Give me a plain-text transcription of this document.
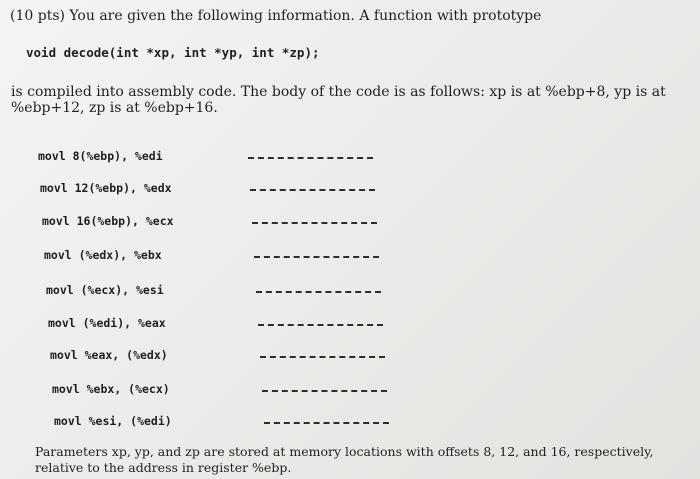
(10 pts) You are given the following information. A function with prototype
void decode(int *xp, int *yp, int *zp);
is compiled into assembly code. The body of the code is as follows: xp is at %ebp+8, yp is at %ebp+12, zp is at %ebp+16.
movl 8(%ebp), %edi
movl 12(%ebp), %edx
movl 16(%ebp), %ecx
movl (%edx), %ebx
movl (%ecx), %esi
movl (%edi), %eax
movl %eax, (%edx)
movl %ebx, (%ecx)
movl %esi, (%edi)
Parameters xp, yp, and zp are stored at memory locations with offsets 8, 12, and 16, respectively, relative to the address in register %ebp.
